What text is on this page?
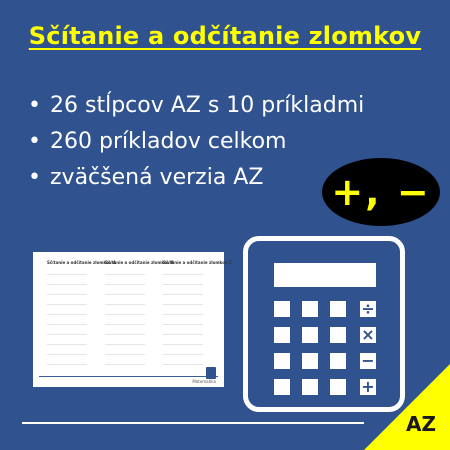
Sčítanie a odčítanie zlomkov
• 26 stĺpcov AZ s 10 príkladmi
• 260 príkladov celkom
• zväčšená verzia AZ	+, −
Sčítanie a odčítanie zlomkov A
Sčítanie a odčítanie zlomkov B
Sčítanie a odčítanie zlomkov C
Matematika
÷
×
−
+
AZ
